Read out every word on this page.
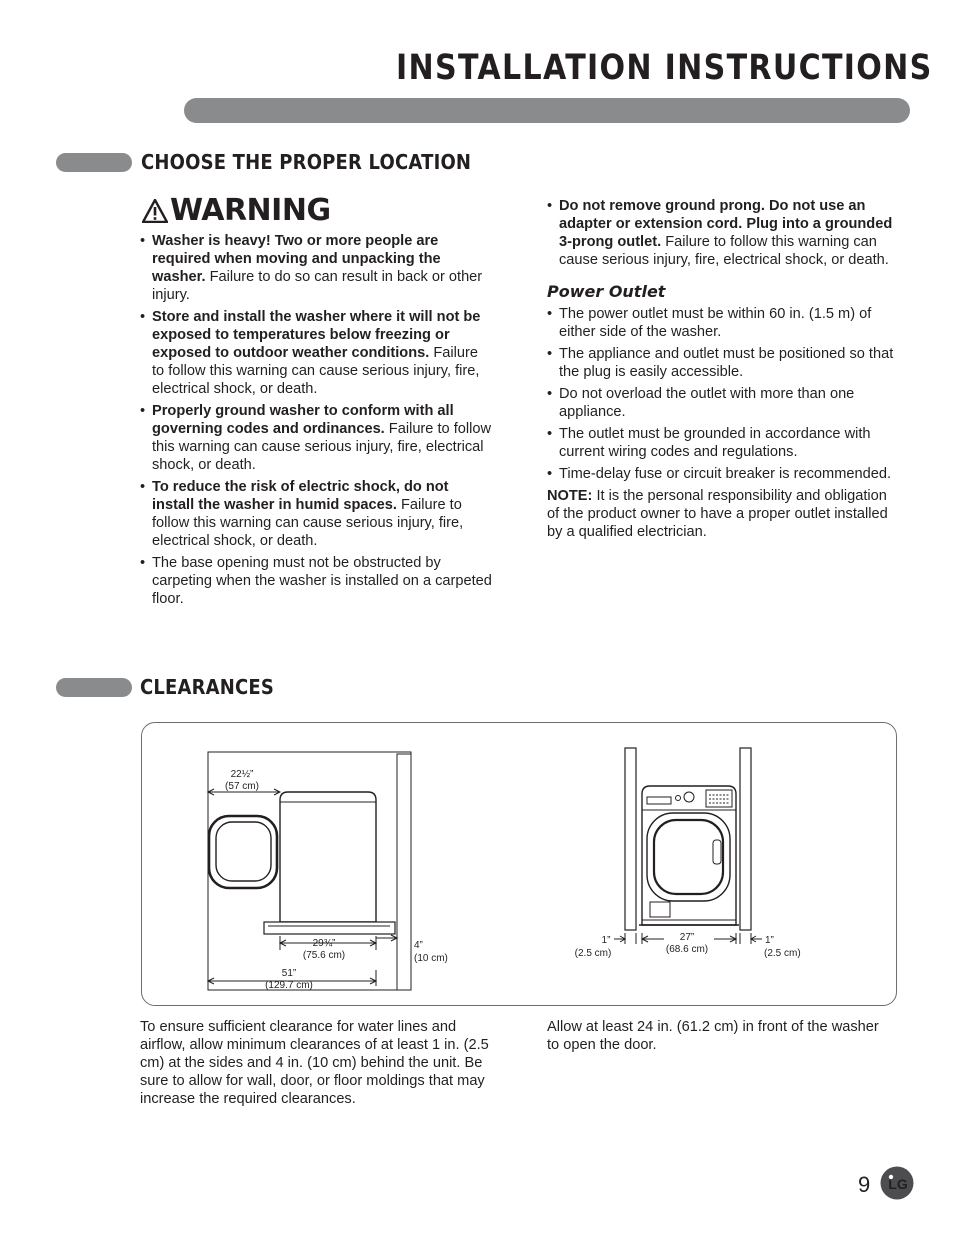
INSTALLATION INSTRUCTIONS
CHOOSE THE PROPER LOCATION
WARNING
• Washer is heavy! Two or more people are required when moving and unpacking the washer. Failure to do so can result in back or other injury.
• Store and install the washer where it will not be exposed to temperatures below freezing or exposed to outdoor weather conditions. Failure to follow this warning can cause serious injury, fire, electrical shock, or death.
• Properly ground washer to conform with all governing codes and ordinances. Failure to follow this warning can cause serious injury, fire, electrical shock, or death.
• To reduce the risk of electric shock, do not install the washer in humid spaces. Failure to follow this warning can cause serious injury, fire, electrical shock, or death.
• The base opening must not be obstructed by carpeting when the washer is installed on a carpeted floor.
• Do not remove ground prong. Do not use an adapter or extension cord. Plug into a grounded 3-prong outlet. Failure to follow this warning can cause serious injury, fire, electrical shock, or death.
Power Outlet
• The power outlet must be within 60 in. (1.5 m) of either side of the washer.
• The appliance and outlet must be positioned so that the plug is easily accessible.
• Do not overload the outlet with more than one appliance.
• The outlet must be grounded in accordance with current wiring codes and regulations.
• Time-delay fuse or circuit breaker is recommended.
NOTE: It is the personal responsibility and obligation of the product owner to have a proper outlet installed by a qualified electrician.
CLEARANCES
22½”
(57 cm)
29¾”
(75.6 cm)
4”
(10 cm)
51”
(129.7 cm)
1”
(2.5 cm)
27”
(68.6 cm)
1”
(2.5 cm)
To ensure sufficient clearance for water lines and airflow, allow minimum clearances of at least 1 in. (2.5 cm) at the sides and 4 in. (10 cm) behind the unit. Be sure to allow for wall, door, or floor moldings that may increase the required clearances.
Allow at least 24 in. (61.2 cm) in front of the washer to open the door.
9 LG
